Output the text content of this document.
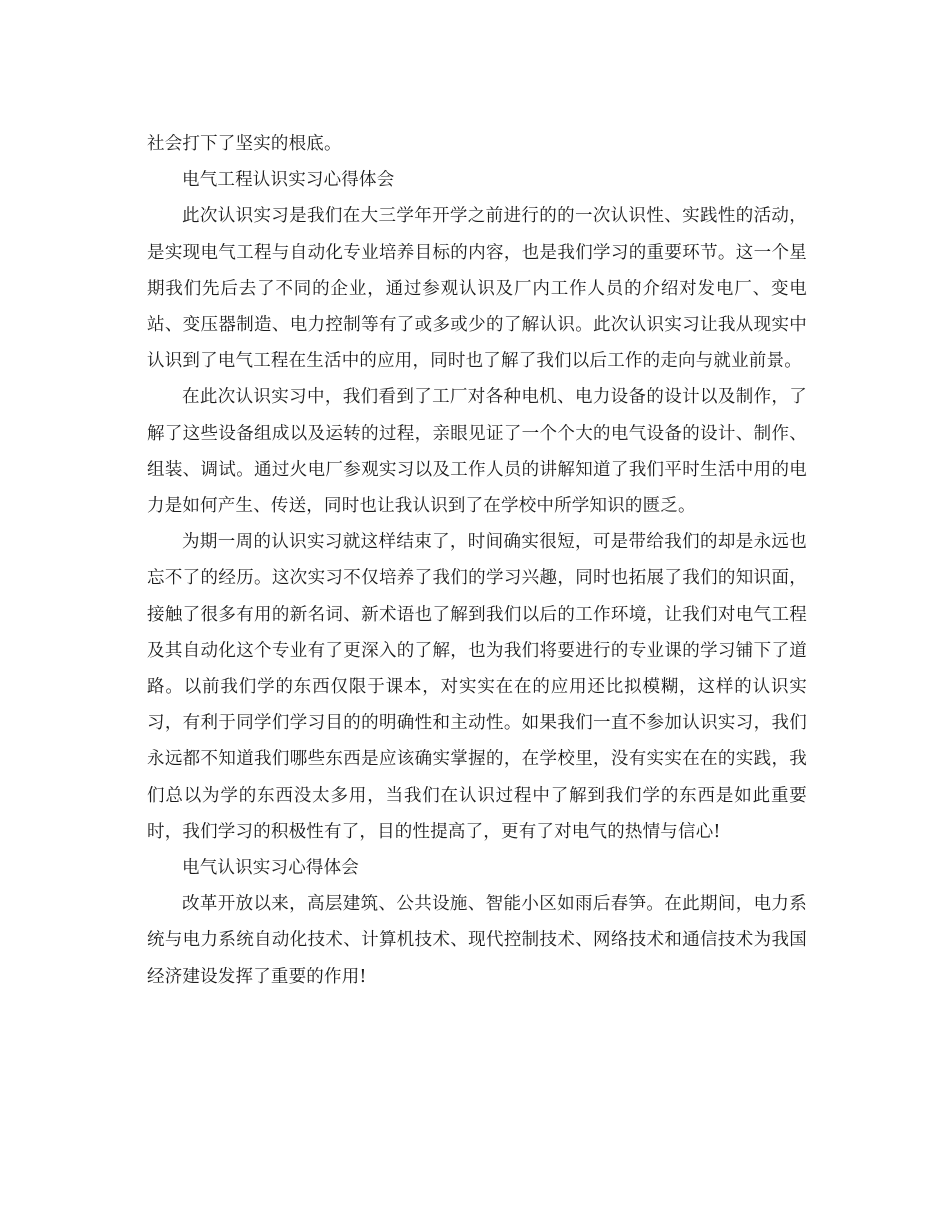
社会打下了坚实的根底。

电气工程认识实习心得体会

此次认识实习是我们在大三学年开学之前进行的的一次认识性、实践性的活动，是实现电气工程与自动化专业培养目标的内容，也是我们学习的重要环节。这一个星期我们先后去了不同的企业，通过参观认识及厂内工作人员的介绍对发电厂、变电站、变压器制造、电力控制等有了或多或少的了解认识。此次认识实习让我从现实中认识到了电气工程在生活中的应用，同时也了解了我们以后工作的走向与就业前景。

在此次认识实习中，我们看到了工厂对各种电机、电力设备的设计以及制作，了解了这些设备组成以及运转的过程，亲眼见证了一个个大的电气设备的设计、制作、组装、调试。通过火电厂参观实习以及工作人员的讲解知道了我们平时生活中用的电力是如何产生、传送，同时也让我认识到了在学校中所学知识的匮乏。

为期一周的认识实习就这样结束了，时间确实很短，可是带给我们的却是永远也忘不了的经历。这次实习不仅培养了我们的学习兴趣，同时也拓展了我们的知识面，接触了很多有用的新名词、新术语也了解到我们以后的工作环境，让我们对电气工程及其自动化这个专业有了更深入的了解，也为我们将要进行的专业课的学习铺下了道路。以前我们学的东西仅限于课本，对实实在在的应用还比拟模糊，这样的认识实习，有利于同学们学习目的的明确性和主动性。如果我们一直不参加认识实习，我们永远都不知道我们哪些东西是应该确实掌握的，在学校里，没有实实在在的实践，我们总以为学的东西没太多用，当我们在认识过程中了解到我们学的东西是如此重要时，我们学习的积极性有了，目的性提高了，更有了对电气的热情与信心!

电气认识实习心得体会

改革开放以来，高层建筑、公共设施、智能小区如雨后春笋。在此期间，电力系统与电力系统自动化技术、计算机技术、现代控制技术、网络技术和通信技术为我国经济建设发挥了重要的作用!
